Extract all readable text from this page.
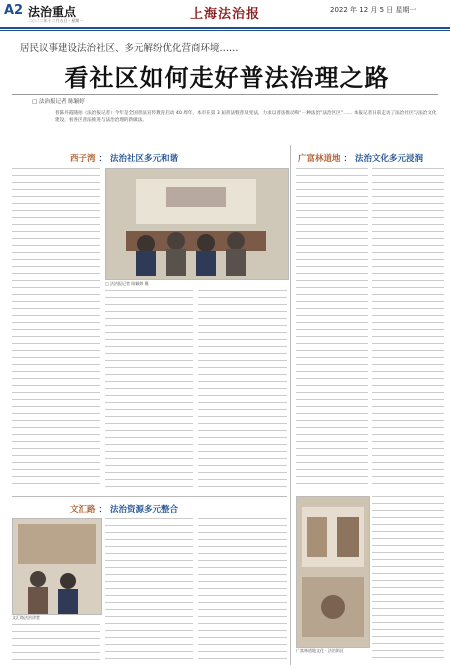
A2 法治重点
二○二二年十二月五日 · 星期一	上海法治报	2022 年 12 月 5 日 星期一
居民议事建设法治社区、多元解纷优化营商环境……
看社区如何走好普法治理之路
□ 法治报记者 陈颖婷
普陈丹霞随拍（法治报记者）今年是全国普法宣传教育启动 40 周年，本市在第 3 届普法暨普及宪法，力求以普法推动和“一种法治”法治区区”…… 本报记者日前走访了法治社区与法治文化建设，看各区普法推进与法治治理的新做法。
西子湾 ： 法治社区多元和谐
□ 法治报记者 陈颖婷 摄
文汇路 ： 法治资源多元整合
文汇路法治讲堂
广富林道地 ： 法治文化多元浸润
广富林道地文化 · 法治街区
